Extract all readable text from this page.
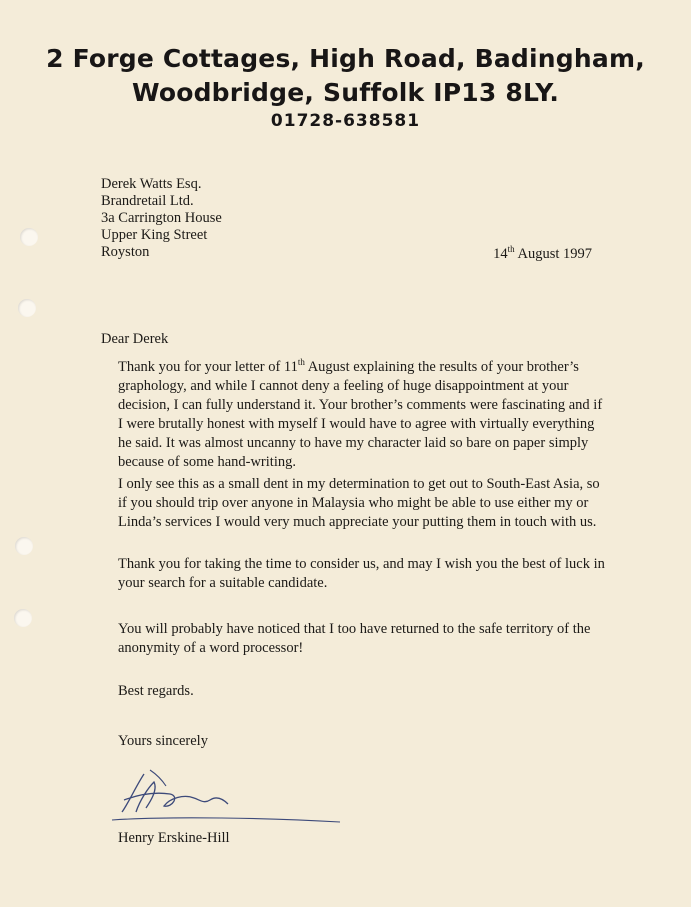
2 Forge Cottages, High Road, Badingham,
Woodbridge, Suffolk IP13 8LY.
01728-638581
Derek Watts Esq.
Brandretail Ltd.
3a Carrington House
Upper King Street
Royston	14th August 1997
Dear Derek
Thank you for your letter of 11th August explaining the results of your brother’s graphology, and while I cannot deny a feeling of huge disappointment at your decision, I can fully understand it. Your brother’s comments were fascinating and if I were brutally honest with myself I would have to agree with virtually everything he said. It was almost uncanny to have my character laid so bare on paper simply because of some hand-writing.
I only see this as a small dent in my determination to get out to South-East Asia, so if you should trip over anyone in Malaysia who might be able to use either my or Linda’s services I would very much appreciate your putting them in touch with us.
Thank you for taking the time to consider us, and may I wish you the best of luck in your search for a suitable candidate.
You will probably have noticed that I too have returned to the safe territory of the anonymity of a word processor!
Best regards.
Yours sincerely
Henry Erskine-Hill
